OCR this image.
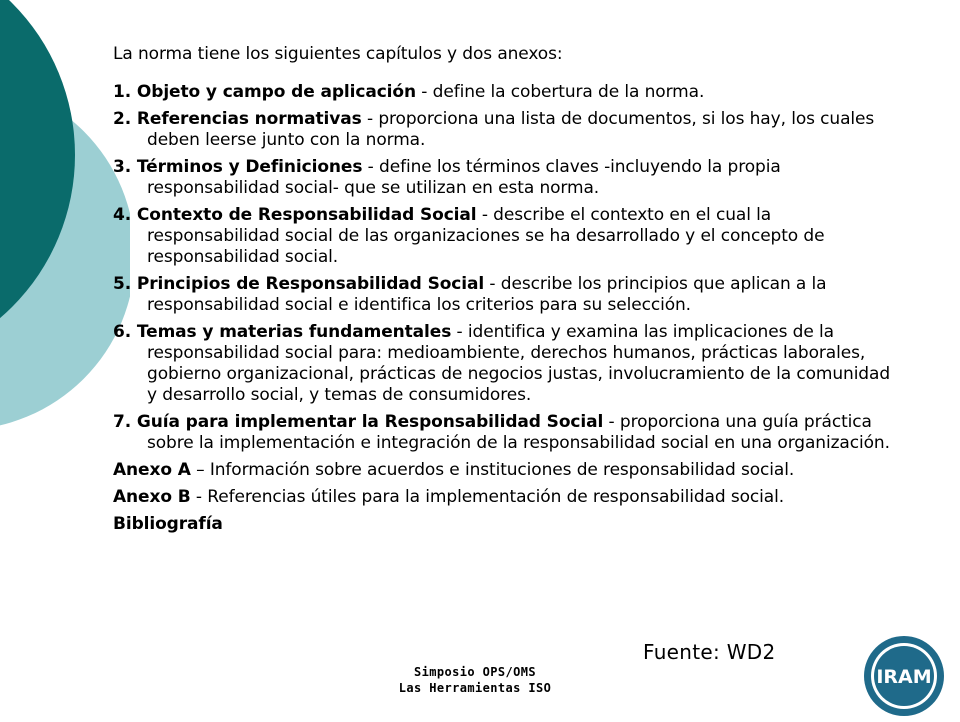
La norma tiene los siguientes capítulos y dos anexos:
1. Objeto y campo de aplicación - define la cobertura de la norma.
2. Referencias normativas - proporciona una lista de documentos, si los hay, los cuales deben leerse junto con la norma.
3. Términos y Definiciones - define los términos claves -incluyendo la propia responsabilidad social- que se utilizan en esta norma.
4. Contexto de Responsabilidad Social - describe el contexto en el cual la responsabilidad social de las organizaciones se ha desarrollado y el concepto de responsabilidad social.
5. Principios de Responsabilidad Social - describe los principios que aplican a la responsabilidad social e identifica los criterios para su selección.
6. Temas y materias fundamentales - identifica y examina las implicaciones de la responsabilidad social para: medioambiente, derechos humanos, prácticas laborales, gobierno organizacional, prácticas de negocios justas, involucramiento de la comunidad y desarrollo social, y temas de consumidores.
7. Guía para implementar la Responsabilidad Social - proporciona una guía práctica sobre la implementación e integración de la responsabilidad social en una organización.
Anexo A – Información sobre acuerdos e instituciones de responsabilidad social.
Anexo B - Referencias útiles para la implementación de responsabilidad social.
Bibliografía
Fuente: WD2
Simposio OPS/OMS
Las Herramientas ISO	IRAM
